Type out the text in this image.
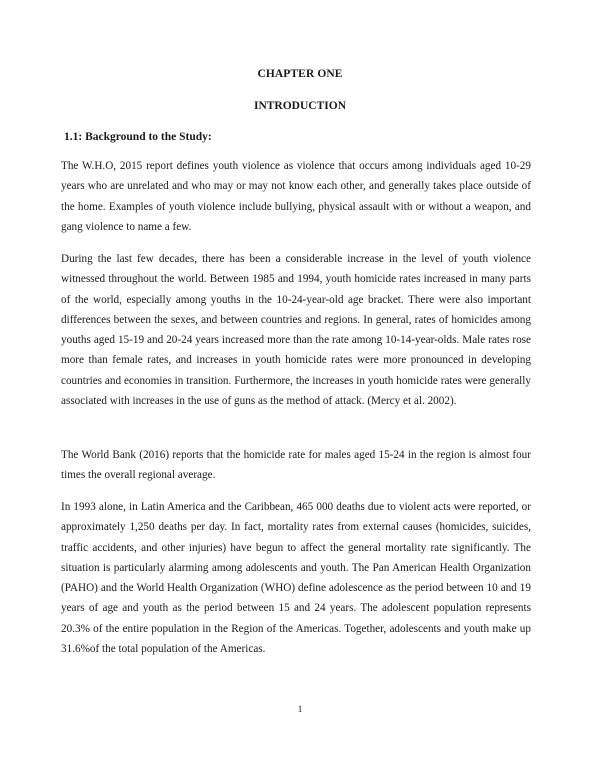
CHAPTER ONE
INTRODUCTION
1.1: Background to the Study:

The W.H.O, 2015 report defines youth violence as violence that occurs among individuals aged 10-29 years who are unrelated and who may or may not know each other, and generally takes place outside of the home. Examples of youth violence include bullying, physical assault with or without a weapon, and gang violence to name a few.

During the last few decades, there has been a considerable increase in the level of youth violence witnessed throughout the world. Between 1985 and 1994, youth homicide rates increased in many parts of the world, especially among youths in the 10-24-year-old age bracket. There were also important differences between the sexes, and between countries and regions. In general, rates of homicides among youths aged 15-19 and 20-24 years increased more than the rate among 10-14-year-olds. Male rates rose more than female rates, and increases in youth homicide rates were more pronounced in developing countries and economies in transition. Furthermore, the increases in youth homicide rates were generally associated with increases in the use of guns as the method of attack. (Mercy et al. 2002).

The World Bank (2016) reports that the homicide rate for males aged 15-24 in the region is almost four times the overall regional average.

In 1993 alone, in Latin America and the Caribbean, 465 000 deaths due to violent acts were reported, or approximately 1,250 deaths per day. In fact, mortality rates from external causes (homicides, suicides, traffic accidents, and other injuries) have begun to affect the general mortality rate significantly. The situation is particularly alarming among adolescents and youth. The Pan American Health Organization (PAHO) and the World Health Organization (WHO) define adolescence as the period between 10 and 19 years of age and youth as the period between 15 and 24 years. The adolescent population represents 20.3% of the entire population in the Region of the Americas. Together, adolescents and youth make up 31.6%of the total population of the Americas.

1
